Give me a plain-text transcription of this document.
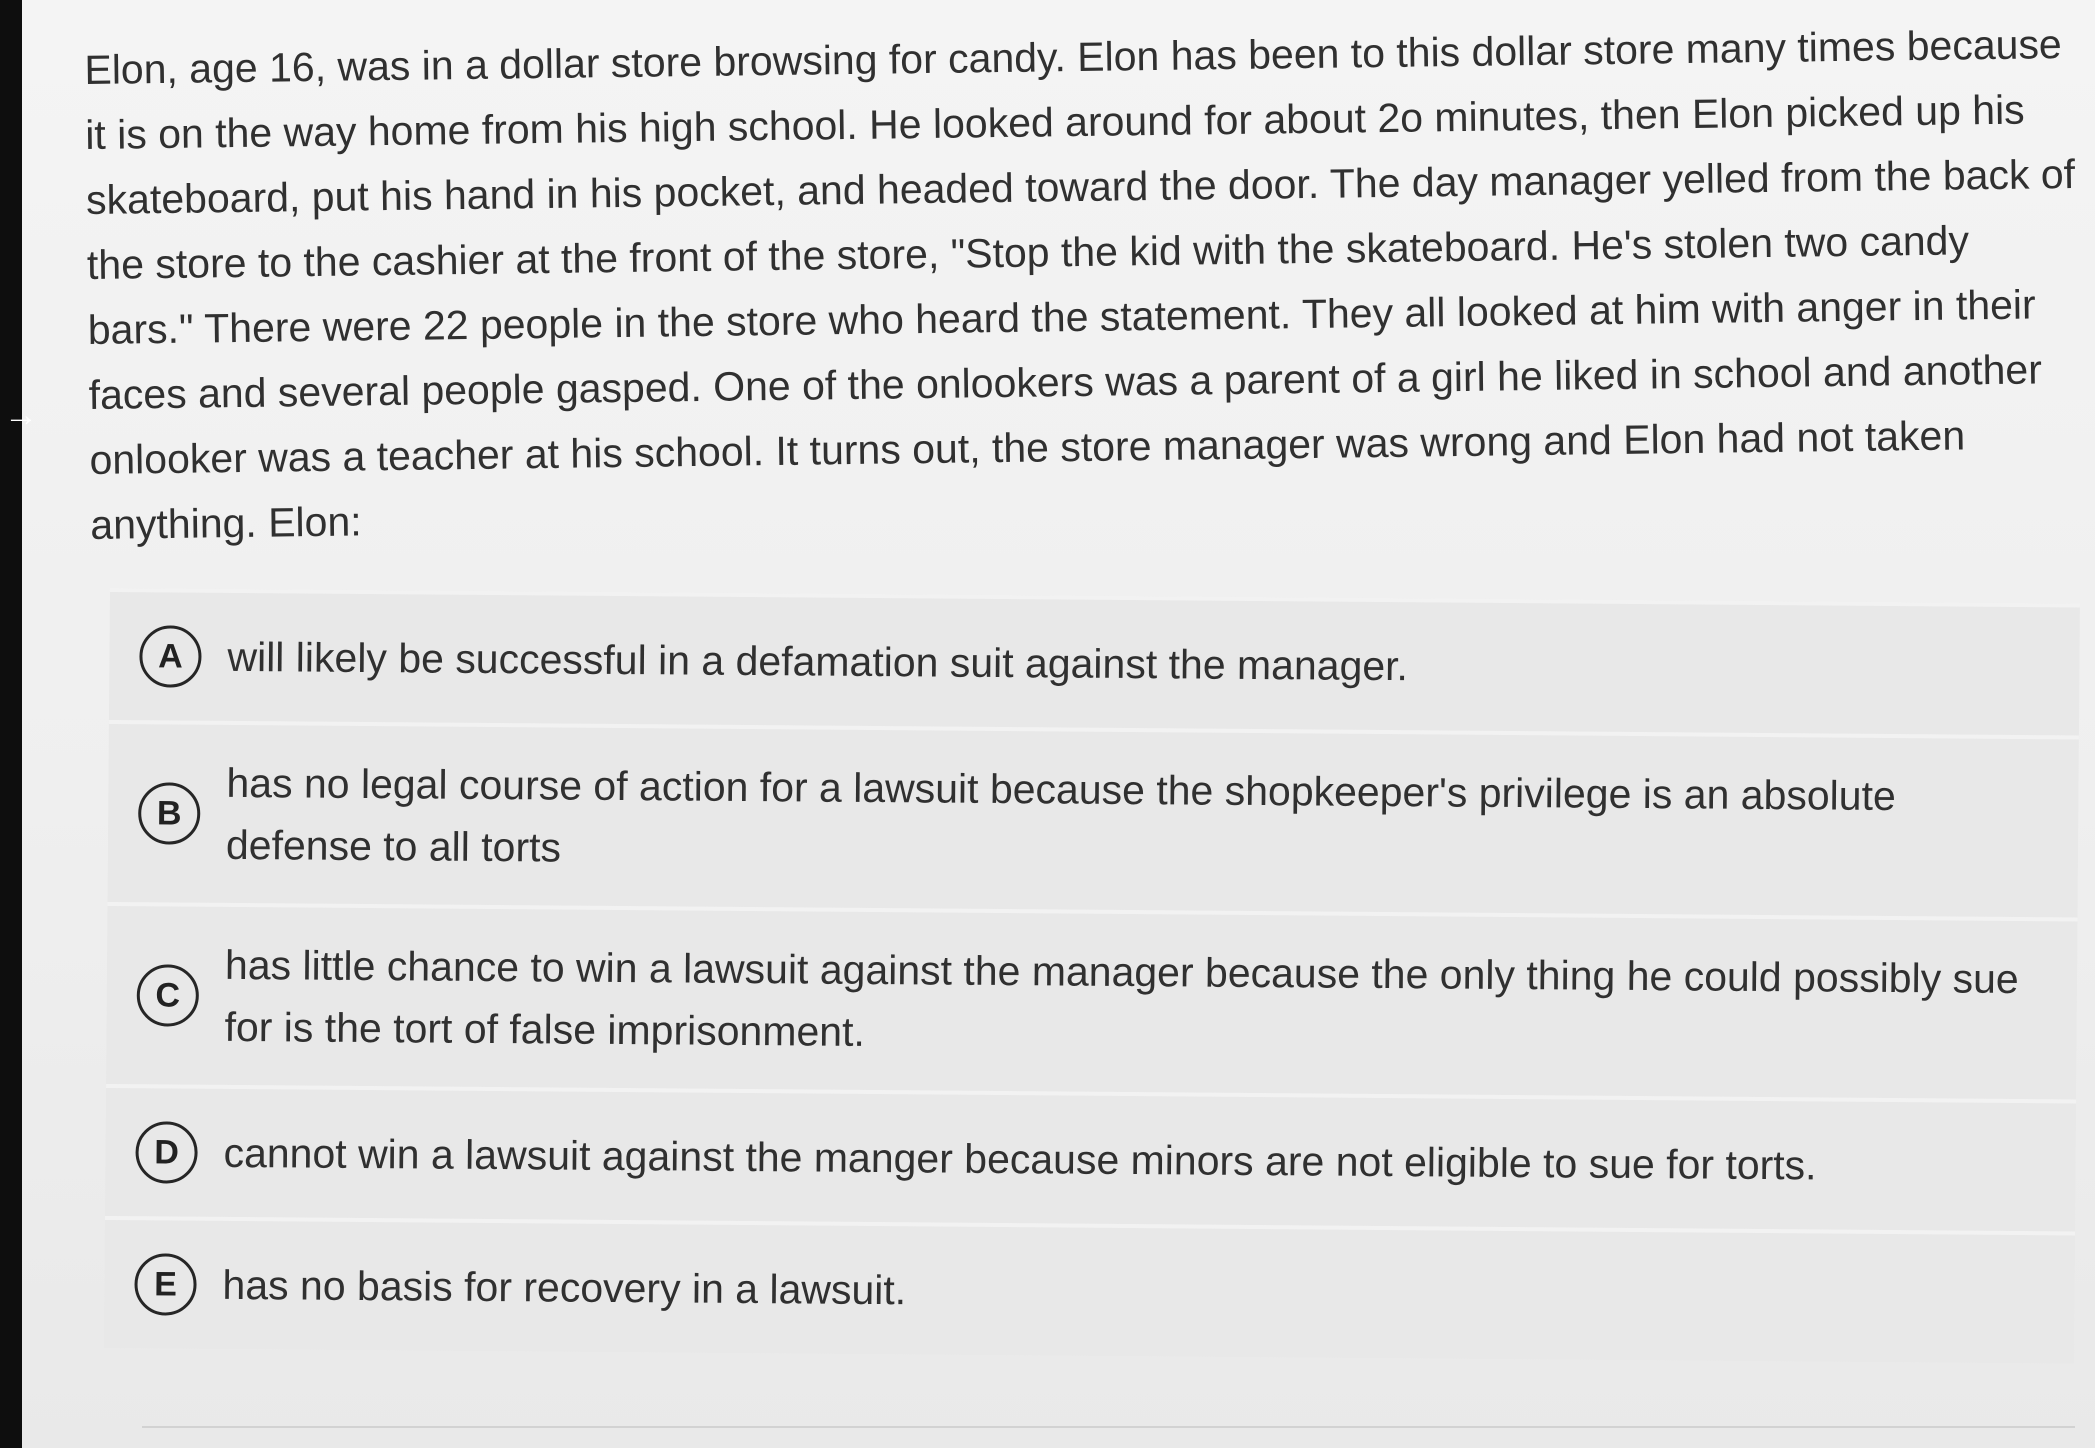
Elon, age 16, was in a dollar store browsing for candy. Elon has been to this dollar store many times because it is on the way home from his high school. He looked around for about 2o minutes, then Elon picked up his skateboard, put his hand in his pocket, and headed toward the door. The day manager yelled from the back of the store to the cashier at the front of the store, "Stop the kid with the skateboard. He's stolen two candy bars." There were 22 people in the store who heard the statement. They all looked at him with anger in their faces and several people gasped. One of the onlookers was a parent of a girl he liked in school and another onlooker was a teacher at his school. It turns out, the store manager was wrong and Elon had not taken anything. Elon:

A	will likely be successful in a defamation suit against the manager.
B	has no legal course of action for a lawsuit because the shopkeeper's privilege is an absolute defense to all torts
C	has little chance to win a lawsuit against the manager because the only thing he could possibly sue for is the tort of false imprisonment.
D	cannot win a lawsuit against the manger because minors are not eligible to sue for torts.
E	has no basis for recovery in a lawsuit.
→
